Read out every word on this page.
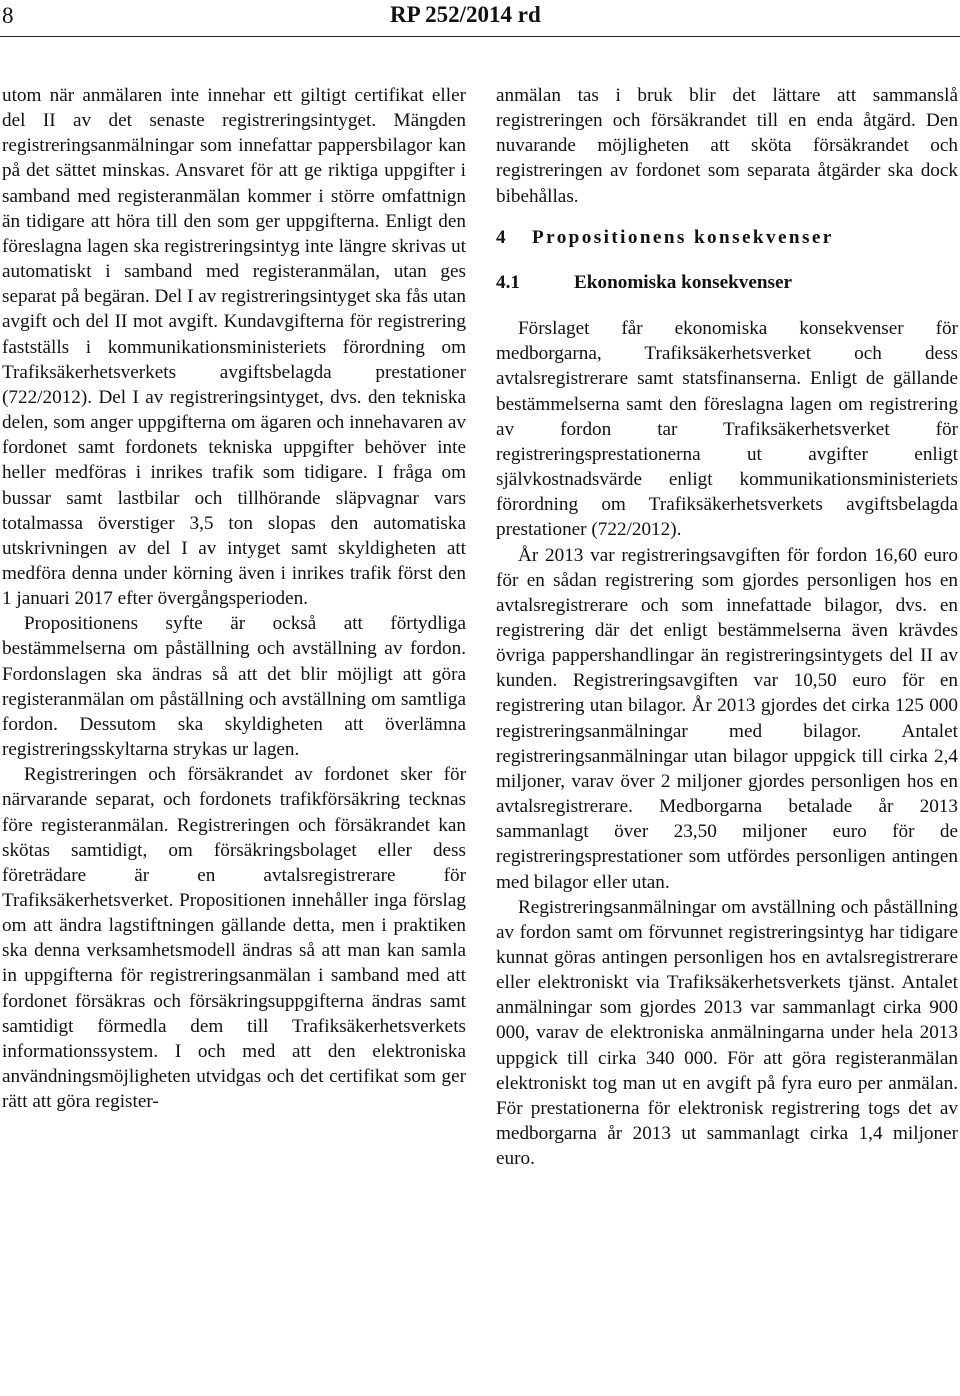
8	RP 252/2014 rd

utom när anmälaren inte innehar ett giltigt certifikat eller del II av det senaste registreringsintyget. Mängden registreringsanmälningar som innefattar pappersbilagor kan på det sättet minskas. Ansvaret för att ge riktiga uppgifter i samband med registeranmälan kommer i större omfattnign än tidigare att höra till den som ger uppgifterna. Enligt den föreslagna lagen ska registreringsintyg inte längre skrivas ut automatiskt i samband med registeranmälan, utan ges separat på begäran. Del I av registreringsintyget ska fås utan avgift och del II mot avgift. Kundavgifterna för registrering fastställs i kommunikationsministeriets förordning om Trafiksäkerhetsverkets avgiftsbelagda prestationer (722/2012). Del I av registreringsintyget, dvs. den tekniska delen, som anger uppgifterna om ägaren och innehavaren av fordonet samt fordonets tekniska uppgifter behöver inte heller medföras i inrikes trafik som tidigare. I fråga om bussar samt lastbilar och tillhörande släpvagnar vars totalmassa överstiger 3,5 ton slopas den automatiska utskrivningen av del I av intyget samt skyldigheten att medföra denna under körning även i inrikes trafik först den 1 januari 2017 efter övergångsperioden.

Propositionens syfte är också att förtydliga bestämmelserna om påställning och avställning av fordon. Fordonslagen ska ändras så att det blir möjligt att göra registeranmälan om påställning och avställning om samtliga fordon. Dessutom ska skyldigheten att överlämna registreringsskyltarna strykas ur lagen.

Registreringen och försäkrandet av fordonet sker för närvarande separat, och fordonets trafikförsäkring tecknas före registeranmälan. Registreringen och försäkrandet kan skötas samtidigt, om försäkringsbolaget eller dess företrädare är en avtalsregistrerare för Trafiksäkerhetsverket. Propositionen innehåller inga förslag om att ändra lagstiftningen gällande detta, men i praktiken ska denna verksamhetsmodell ändras så att man kan samla in uppgifterna för registreringsanmälan i samband med att fordonet försäkras och försäkringsuppgifterna ändras samt samtidigt förmedla dem till Trafiksäkerhetsverkets informationssystem. I och med att den elektroniska användningsmöjligheten utvidgas och det certifikat som ger rätt att göra register-

anmälan tas i bruk blir det lättare att sammanslå registreringen och försäkrandet till en enda åtgärd. Den nuvarande möjligheten att sköta försäkrandet och registreringen av fordonet som separata åtgärder ska dock bibehållas.

4 Propositionens konsekvenser

4.1	Ekonomiska konsekvenser

Förslaget får ekonomiska konsekvenser för medborgarna, Trafiksäkerhetsverket och dess avtalsregistrerare samt statsfinanserna. Enligt de gällande bestämmelserna samt den föreslagna lagen om registrering av fordon tar Trafiksäkerhetsverket för registreringsprestationerna ut avgifter enligt självkostnadsvärde enligt kommunikationsministeriets förordning om Trafiksäkerhetsverkets avgiftsbelagda prestationer (722/2012).

År 2013 var registreringsavgiften för fordon 16,60 euro för en sådan registrering som gjordes personligen hos en avtalsregistrerare och som innefattade bilagor, dvs. en registrering där det enligt bestämmelserna även krävdes övriga pappershandlingar än registreringsintygets del II av kunden. Registreringsavgiften var 10,50 euro för en registrering utan bilagor. År 2013 gjordes det cirka 125 000 registreringsanmälningar med bilagor. Antalet registreringsanmälningar utan bilagor uppgick till cirka 2,4 miljoner, varav över 2 miljoner gjordes personligen hos en avtalsregistrerare. Medborgarna betalade år 2013 sammanlagt över 23,50 miljoner euro för de registreringsprestationer som utfördes personligen antingen med bilagor eller utan.

Registreringsanmälningar om avställning och påställning av fordon samt om förvunnet registreringsintyg har tidigare kunnat göras antingen personligen hos en avtalsregistrerare eller elektroniskt via Trafiksäkerhetsverkets tjänst. Antalet anmälningar som gjordes 2013 var sammanlagt cirka 900 000, varav de elektroniska anmälningarna under hela 2013 uppgick till cirka 340 000. För att göra registeranmälan elektroniskt tog man ut en avgift på fyra euro per anmälan. För prestationerna för elektronisk registrering togs det av medborgarna år 2013 ut sammanlagt cirka 1,4 miljoner euro.
